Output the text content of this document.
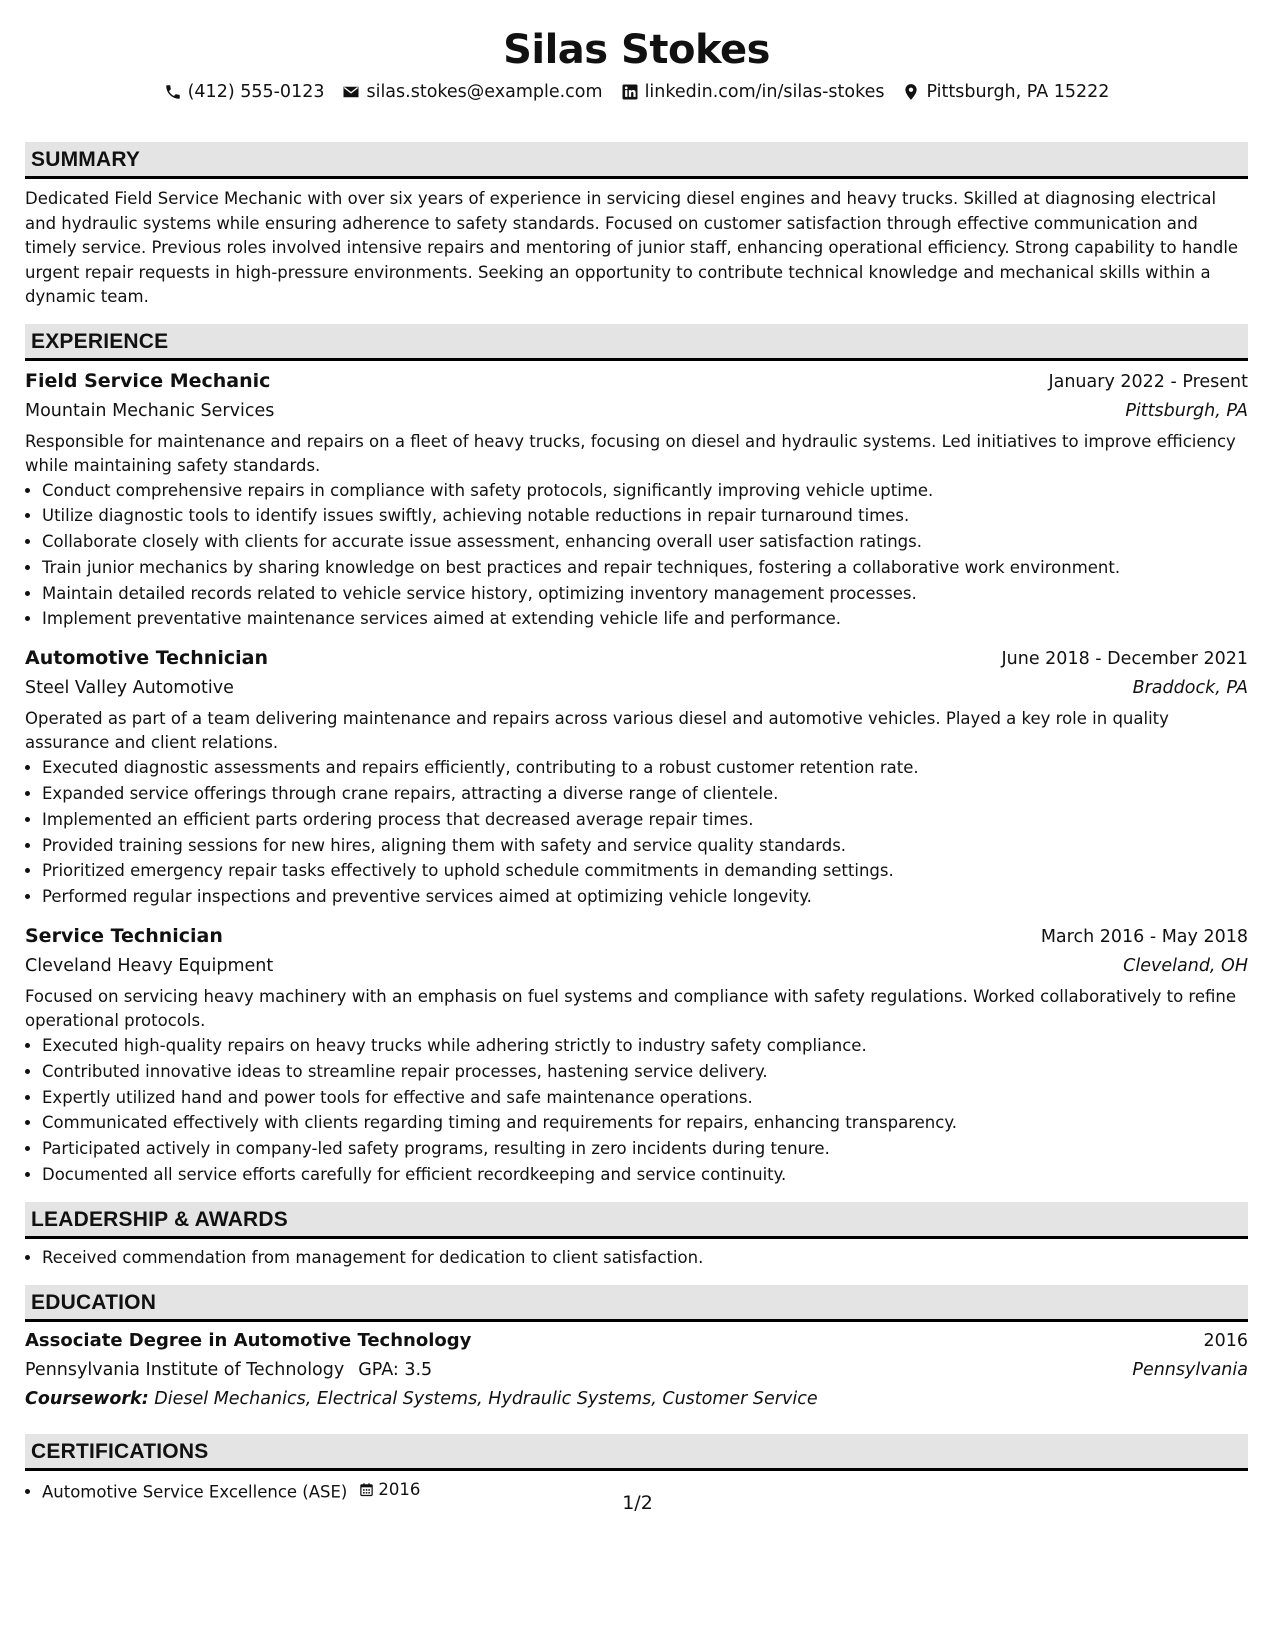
Silas Stokes
(412) 555-0123 silas.stokes@example.com linkedin.com/in/silas-stokes Pittsburgh, PA 15222
SUMMARY
Dedicated Field Service Mechanic with over six years of experience in servicing diesel engines and heavy trucks. Skilled at diagnosing electrical and hydraulic systems while ensuring adherence to safety standards. Focused on customer satisfaction through effective communication and timely service. Previous roles involved intensive repairs and mentoring of junior staff, enhancing operational efficiency. Strong capability to handle urgent repair requests in high-pressure environments. Seeking an opportunity to contribute technical knowledge and mechanical skills within a dynamic team.
EXPERIENCE
Field Service Mechanic	January 2022 - Present
Mountain Mechanic Services	Pittsburgh, PA
Responsible for maintenance and repairs on a fleet of heavy trucks, focusing on diesel and hydraulic systems. Led initiatives to improve efficiency while maintaining safety standards.
• Conduct comprehensive repairs in compliance with safety protocols, significantly improving vehicle uptime.
• Utilize diagnostic tools to identify issues swiftly, achieving notable reductions in repair turnaround times.
• Collaborate closely with clients for accurate issue assessment, enhancing overall user satisfaction ratings.
• Train junior mechanics by sharing knowledge on best practices and repair techniques, fostering a collaborative work environment.
• Maintain detailed records related to vehicle service history, optimizing inventory management processes.
• Implement preventative maintenance services aimed at extending vehicle life and performance.
Automotive Technician	June 2018 - December 2021
Steel Valley Automotive	Braddock, PA
Operated as part of a team delivering maintenance and repairs across various diesel and automotive vehicles. Played a key role in quality assurance and client relations.
• Executed diagnostic assessments and repairs efficiently, contributing to a robust customer retention rate.
• Expanded service offerings through crane repairs, attracting a diverse range of clientele.
• Implemented an efficient parts ordering process that decreased average repair times.
• Provided training sessions for new hires, aligning them with safety and service quality standards.
• Prioritized emergency repair tasks effectively to uphold schedule commitments in demanding settings.
• Performed regular inspections and preventive services aimed at optimizing vehicle longevity.
Service Technician	March 2016 - May 2018
Cleveland Heavy Equipment	Cleveland, OH
Focused on servicing heavy machinery with an emphasis on fuel systems and compliance with safety regulations. Worked collaboratively to refine operational protocols.
• Executed high-quality repairs on heavy trucks while adhering strictly to industry safety compliance.
• Contributed innovative ideas to streamline repair processes, hastening service delivery.
• Expertly utilized hand and power tools for effective and safe maintenance operations.
• Communicated effectively with clients regarding timing and requirements for repairs, enhancing transparency.
• Participated actively in company-led safety programs, resulting in zero incidents during tenure.
• Documented all service efforts carefully for efficient recordkeeping and service continuity.
LEADERSHIP & AWARDS
• Received commendation from management for dedication to client satisfaction.
EDUCATION
Associate Degree in Automotive Technology	2016
Pennsylvania Institute of Technology GPA: 3.5	Pennsylvania
Coursework: Diesel Mechanics, Electrical Systems, Hydraulic Systems, Customer Service
CERTIFICATIONS
• Automotive Service Excellence (ASE) 2016
1/2
